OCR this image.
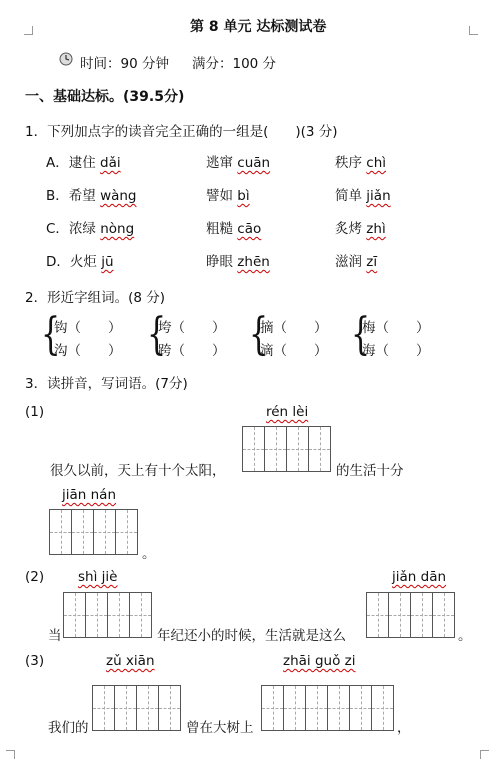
第 8 单元 达标测试卷
时间：90 分钟 满分：100 分
一、基础达标。(39.5分)
1．下列加点字的读音完全正确的一组是(　　)(3 分)
A．逮住 dǎi	逃窜 cuān	秩序 chì
B．希望 wàng	譬如 bì	简单 jiǎn
C．浓绿 nòng	粗糙 cāo	炙烤 zhì
D．火炬 jū	睁眼 zhēn	滋润 zī
2．形近字组词。(8 分)
{
钩（　　）
沟（　　） {
垮（　　）
跨（　　） {
摘（　　）
滴（　　） {
梅（　　）
海（　　）
3．读拼音，写词语。(7分)
(1)	rén lèi
很久以前，天上有十个太阳，	的生活十分
jiān nán
。
(2)	shì jiè	jiǎn dān
当	年纪还小的时候，生活就是这么	。
(3)	zǔ xiān	zhāi guǒ zi
我们的	曾在大树上	，
